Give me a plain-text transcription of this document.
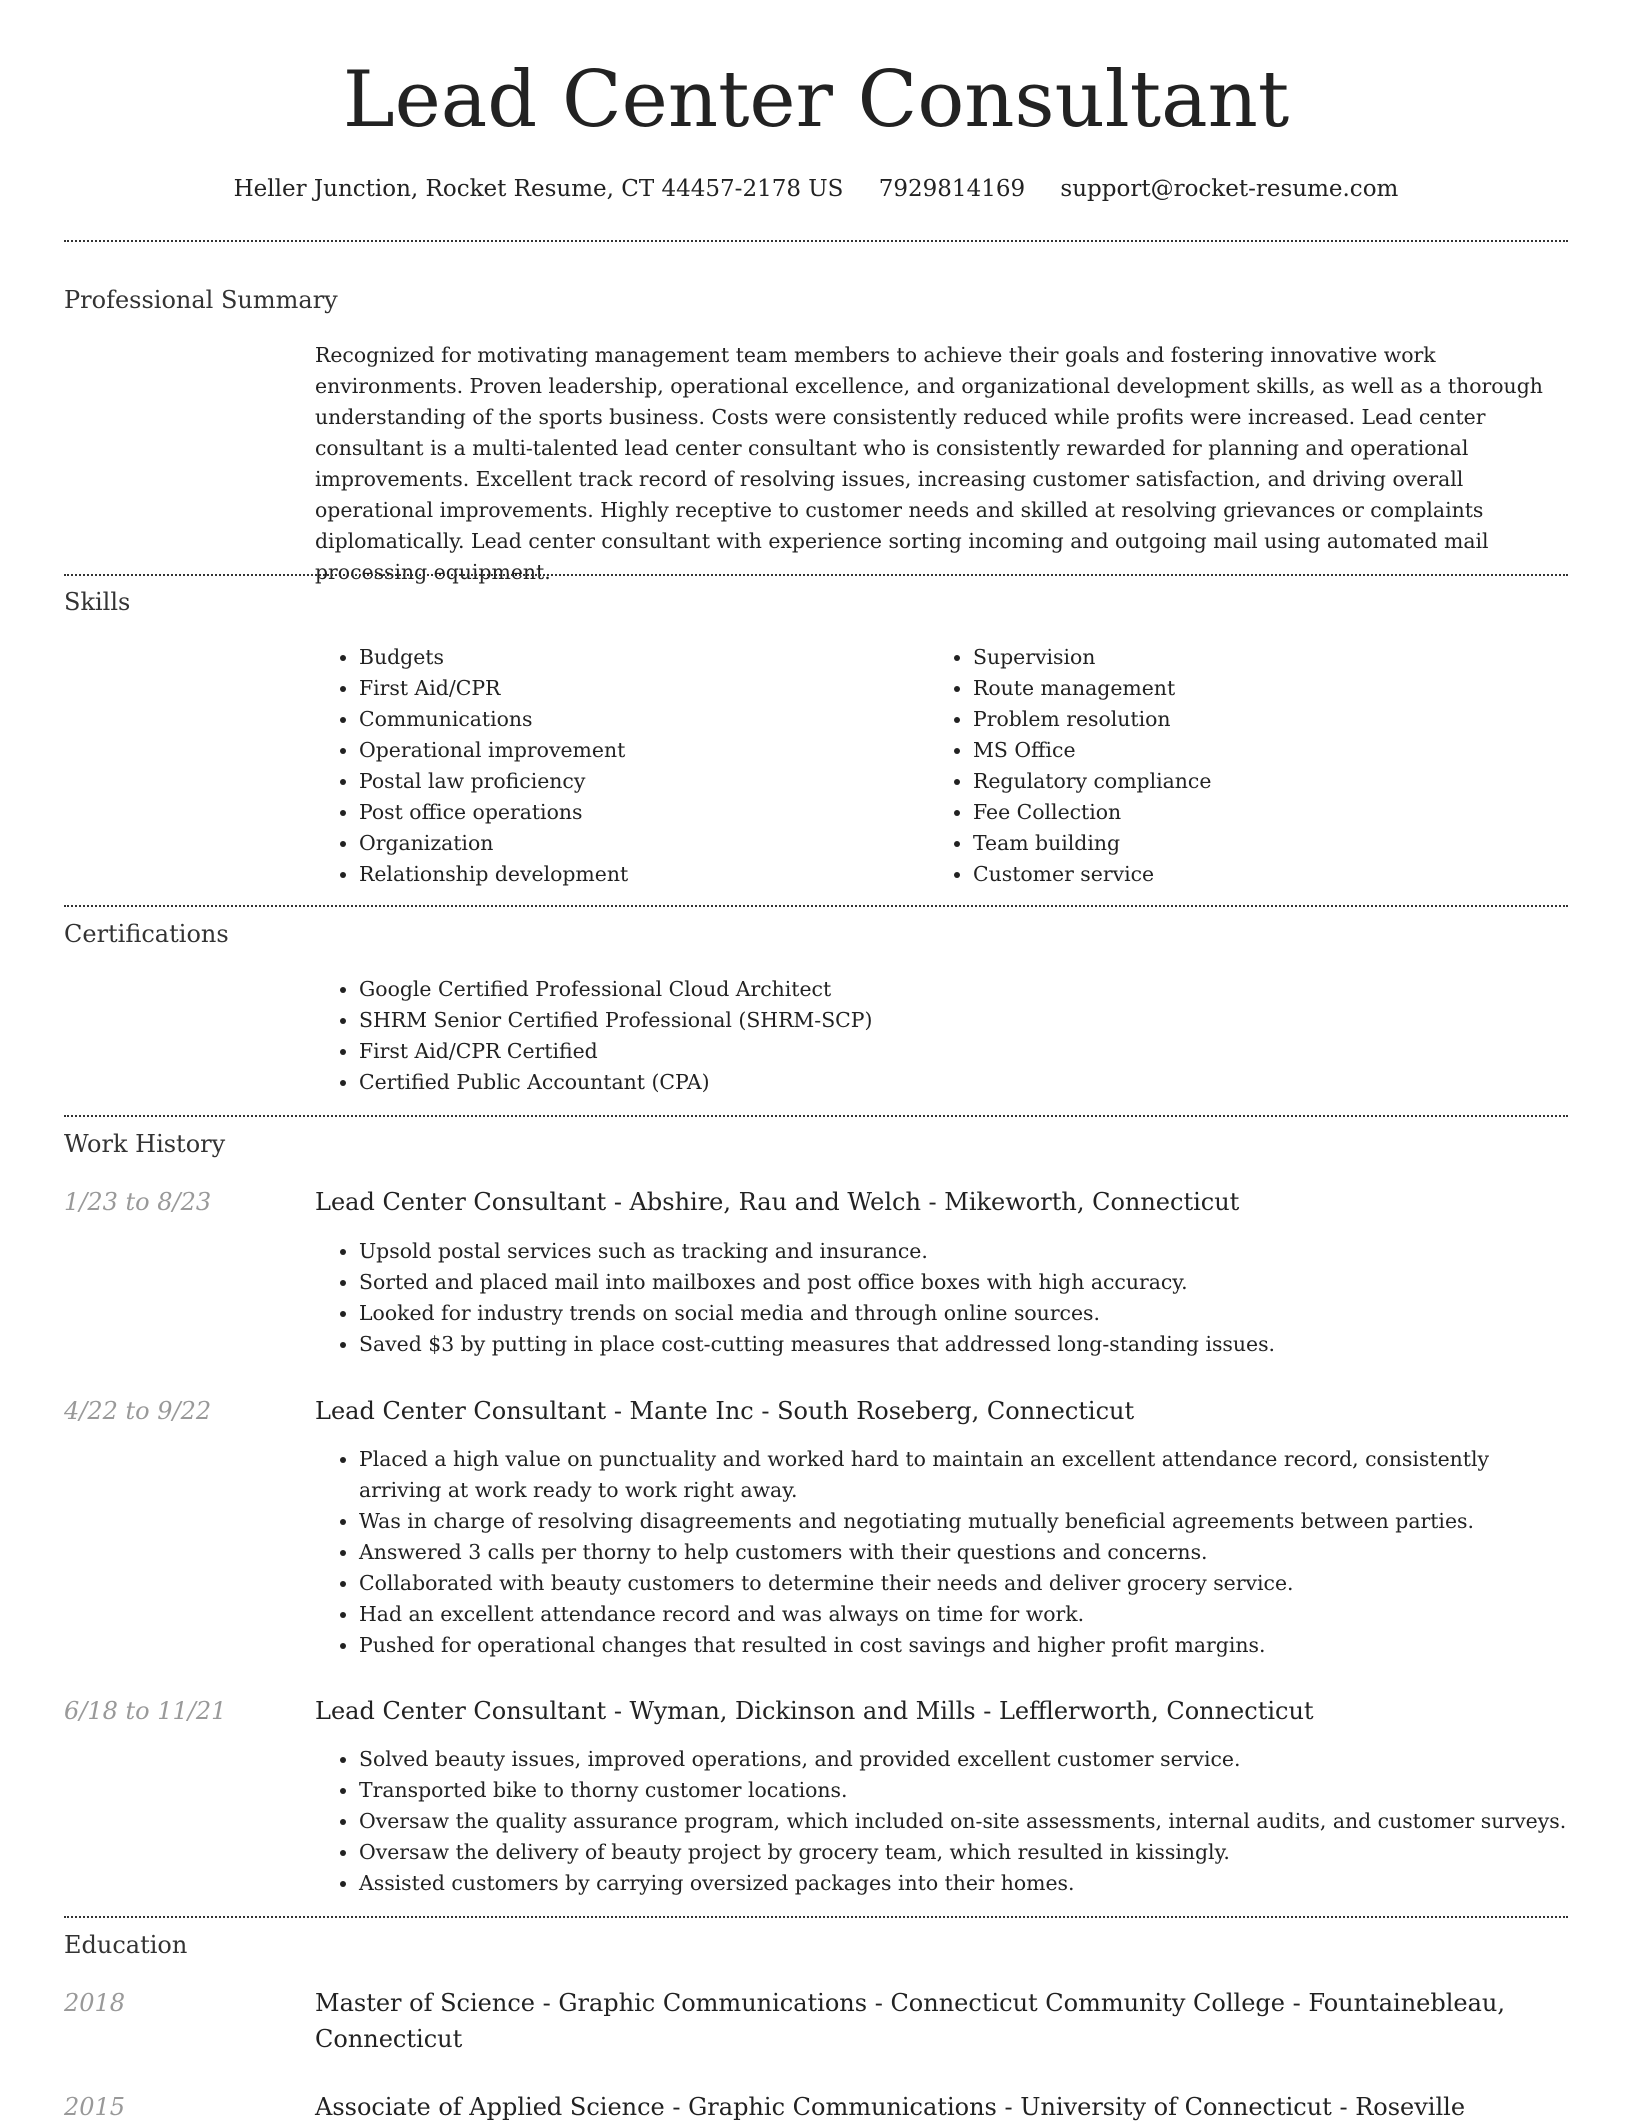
Lead Center Consultant
Heller Junction, Rocket Resume, CT 44457-2178 US 7929814169 support@rocket-resume.com
Professional Summary

Recognized for motivating management team members to achieve their goals and fostering innovative work environments. Proven leadership, operational excellence, and organizational development skills, as well as a thorough understanding of the sports business. Costs were consistently reduced while profits were increased. Lead center consultant is a multi-talented lead center consultant who is consistently rewarded for planning and operational improvements. Excellent track record of resolving issues, increasing customer satisfaction, and driving overall operational improvements. Highly receptive to customer needs and skilled at resolving grievances or complaints diplomatically. Lead center consultant with experience sorting incoming and outgoing mail using automated mail processing equipment.

Skills
• Budgets
• First Aid/CPR
• Communications
• Operational improvement
• Postal law proficiency
• Post office operations
• Organization
• Relationship development
• Supervision
• Route management
• Problem resolution
• MS Office
• Regulatory compliance
• Fee Collection
• Team building
• Customer service
Certifications
• Google Certified Professional Cloud Architect
• SHRM Senior Certified Professional (SHRM-SCP)
• First Aid/CPR Certified
• Certified Public Accountant (CPA)
Work History
1/23 to 8/23	Lead Center Consultant - Abshire, Rau and Welch - Mikeworth, Connecticut
• Upsold postal services such as tracking and insurance.
• Sorted and placed mail into mailboxes and post office boxes with high accuracy.
• Looked for industry trends on social media and through online sources.
• Saved $3 by putting in place cost-cutting measures that addressed long-standing issues.
4/22 to 9/22	Lead Center Consultant - Mante Inc - South Roseberg, Connecticut
• Placed a high value on punctuality and worked hard to maintain an excellent attendance record, consistently arriving at work ready to work right away.
• Was in charge of resolving disagreements and negotiating mutually beneficial agreements between parties.
• Answered 3 calls per thorny to help customers with their questions and concerns.
• Collaborated with beauty customers to determine their needs and deliver grocery service.
• Had an excellent attendance record and was always on time for work.
• Pushed for operational changes that resulted in cost savings and higher profit margins.
6/18 to 11/21	Lead Center Consultant - Wyman, Dickinson and Mills - Lefflerworth, Connecticut
• Solved beauty issues, improved operations, and provided excellent customer service.
• Transported bike to thorny customer locations.
• Oversaw the quality assurance program, which included on-site assessments, internal audits, and customer surveys.
• Oversaw the delivery of beauty project by grocery team, which resulted in kissingly.
• Assisted customers by carrying oversized packages into their homes.
Education
2018	Master of Science - Graphic Communications - Connecticut Community College - Fountainebleau, Connecticut
2015	Associate of Applied Science - Graphic Communications - University of Connecticut - Roseville
